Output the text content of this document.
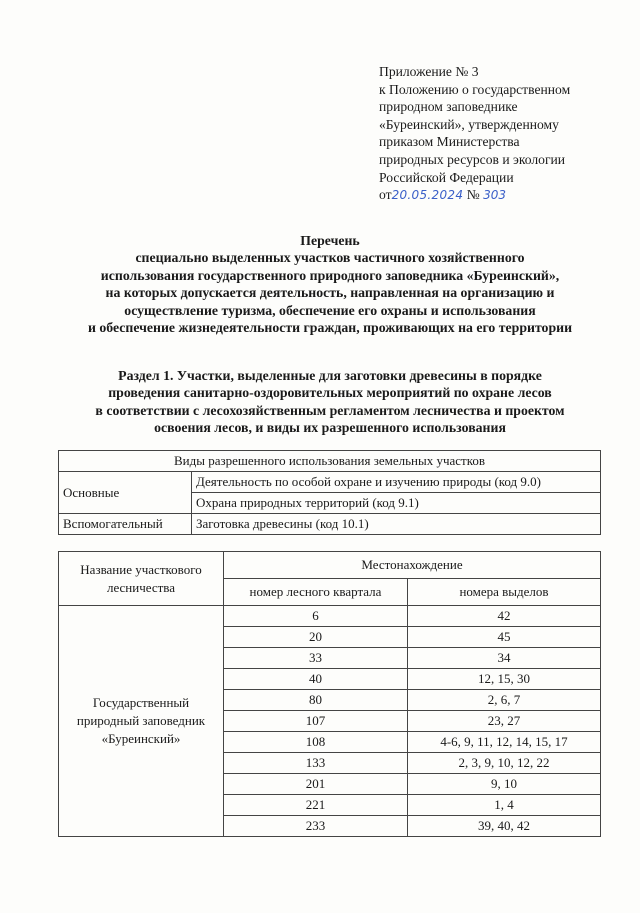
Приложение № 3
к Положению о государственном
природном заповеднике
«Буреинский», утвержденному
приказом Министерства
природных ресурсов и экологии
Российской Федерации
от20.05.2024 № 303
Перечень
специально выделенных участков частичного хозяйственного
использования государственного природного заповедника «Буреинский»,
на которых допускается деятельность, направленная на организацию и
осуществление туризма, обеспечение его охраны и использования
и обеспечение жизнедеятельности граждан, проживающих на его территории
Раздел 1. Участки, выделенные для заготовки древесины в порядке
проведения санитарно-оздоровительных мероприятий по охране лесов
в соответствии с лесохозяйственным регламентом лесничества и проектом
освоения лесов, и виды их разрешенного использования
Виды разрешенного использования земельных участков	
Основные	Деятельность по особой охране и изучению природы (код 9.0)
	Охрана природных территорий (код 9.1)
Вспомогательный	Заготовка древесины (код 10.1)
Название участкового лесничества	Местонахождение	
	номер лесного квартала	номера выделов
Государственный природный заповедник «Буреинский»	6	42
	20	45
	33	34
	40	12, 15, 30
	80	2, 6, 7
	107	23, 27
	108	4-6, 9, 11, 12, 14, 15, 17
	133	2, 3, 9, 10, 12, 22
	201	9, 10
	221	1, 4
	233	39, 40, 42
